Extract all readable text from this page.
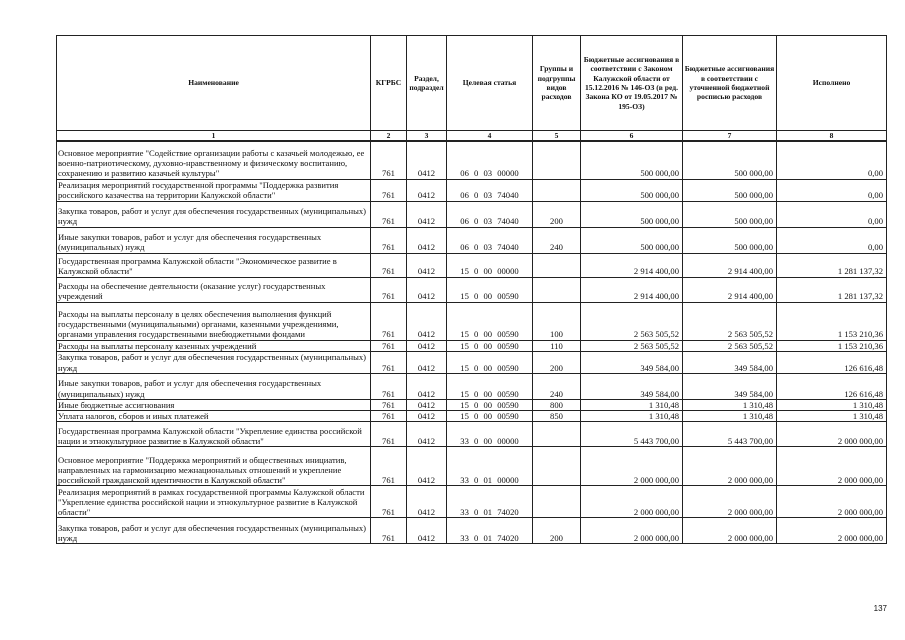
Наименование	КГРБС	Раздел, подраздел	Целевая статья	Группы и подгруппы видов расходов	Бюджетные ассигнования в соответствии с Законом Калужской области от 15.12.2016 № 146-ОЗ (в ред. Закона КО от 19.05.2017 № 195-ОЗ)	Бюджетные ассигнования в соответствии с уточненной бюджетной росписью расходов	Исполнено
1	2	3	4	5	6	7	8
Основное мероприятие "Содействие организации работы с казачьей молодежью, ее военно-патриотическому, духовно-нравственному и физическому воспитанию, сохранению и развитию казачьей культуры"	761	0412	06 0 03 00000		500 000,00	500 000,00	0,00
Реализация мероприятий государственной программы "Поддержка развития российского казачества на территории Калужской области"	761	0412	06 0 03 74040		500 000,00	500 000,00	0,00
Закупка товаров, работ и услуг для обеспечения государственных (муниципальных) нужд	761	0412	06 0 03 74040	200	500 000,00	500 000,00	0,00
Иные закупки товаров, работ и услуг для обеспечения государственных (муниципальных) нужд	761	0412	06 0 03 74040	240	500 000,00	500 000,00	0,00
Государственная программа Калужской области "Экономическое развитие в Калужской области"	761	0412	15 0 00 00000		2 914 400,00	2 914 400,00	1 281 137,32
Расходы на обеспечение деятельности (оказание услуг) государственных учреждений	761	0412	15 0 00 00590		2 914 400,00	2 914 400,00	1 281 137,32
Расходы на выплаты персоналу в целях обеспечения выполнения функций государственными (муниципальными) органами, казенными учреждениями, органами управления государственными внебюджетными фондами	761	0412	15 0 00 00590	100	2 563 505,52	2 563 505,52	1 153 210,36
Расходы на выплаты персоналу казенных учреждений	761	0412	15 0 00 00590	110	2 563 505,52	2 563 505,52	1 153 210,36
Закупка товаров, работ и услуг для обеспечения государственных (муниципальных) нужд	761	0412	15 0 00 00590	200	349 584,00	349 584,00	126 616,48
Иные закупки товаров, работ и услуг для обеспечения государственных (муниципальных) нужд	761	0412	15 0 00 00590	240	349 584,00	349 584,00	126 616,48
Иные бюджетные ассигнования	761	0412	15 0 00 00590	800	1 310,48	1 310,48	1 310,48
Уплата налогов, сборов и иных платежей	761	0412	15 0 00 00590	850	1 310,48	1 310,48	1 310,48
Государственная программа Калужской области "Укрепление единства российской нации и этнокультурное развитие в Калужской области"	761	0412	33 0 00 00000		5 443 700,00	5 443 700,00	2 000 000,00
Основное мероприятие "Поддержка мероприятий и общественных инициатив, направленных на гармонизацию межнациональных отношений и укрепление российской гражданской идентичности в Калужской области"	761	0412	33 0 01 00000		2 000 000,00	2 000 000,00	2 000 000,00
Реализация мероприятий в рамках государственной программы Калужской области "Укрепление единства российской нации и этнокультурное развитие в Калужской области"	761	0412	33 0 01 74020		2 000 000,00	2 000 000,00	2 000 000,00
Закупка товаров, работ и услуг для обеспечения государственных (муниципальных) нужд	761	0412	33 0 01 74020	200	2 000 000,00	2 000 000,00	2 000 000,00
137
